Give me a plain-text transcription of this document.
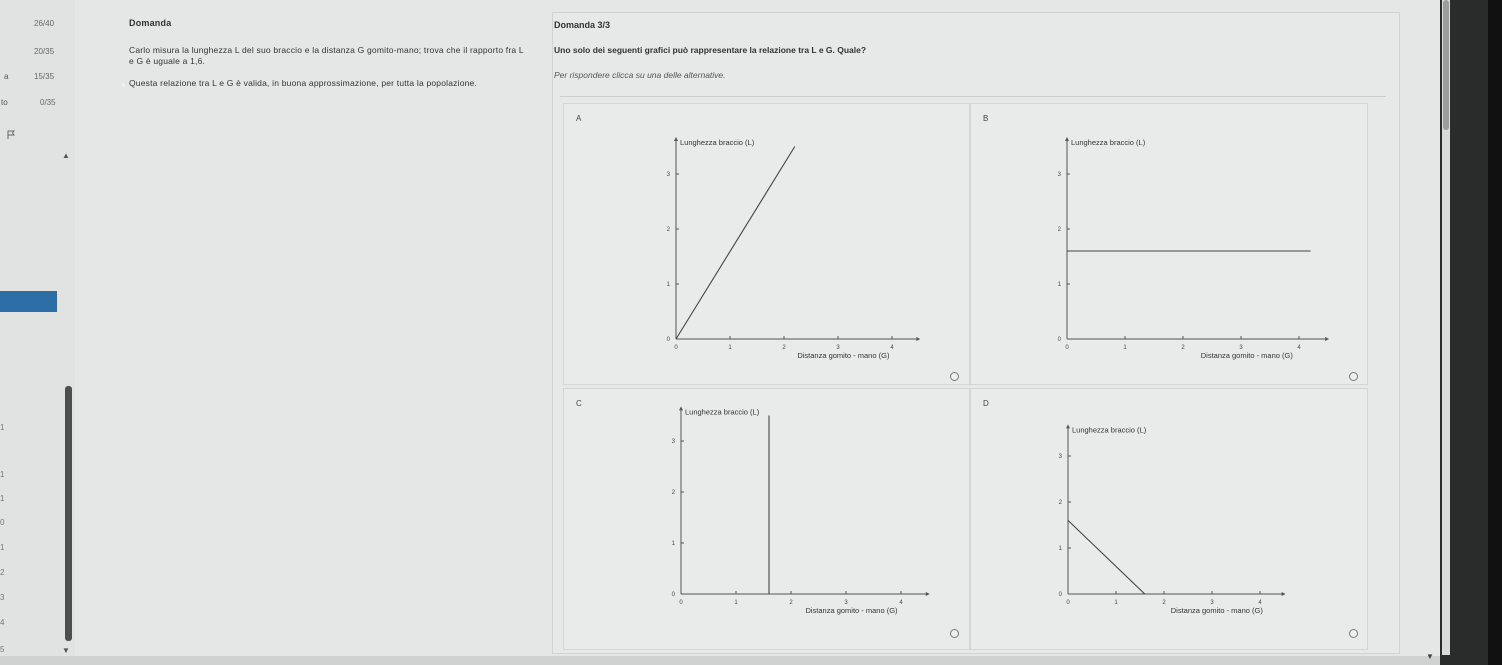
26/40
20/35
a	15/35
to	0/35
▲
▼
1
1
1
0
1
2
3
4
5
Domanda
Carlo misura la lunghezza L del suo braccio e la distanza G gomito-mano; trova che il rapporto fra L e G è uguale a 1,6.
Questa relazione tra L e G è valida, in buona approssimazione, per tutta la popolazione.
‹
Domanda 3/3
Uno solo dei seguenti grafici può rappresentare la relazione tra L e G. Quale?
Per rispondere clicca su una delle alternative.
A
0	1	2	3	4
0
1
2
3
Lunghezza braccio (L)
Distanza gomito - mano (G)
B
0	1	2	3	4
0
1
2
3
Lunghezza braccio (L)
Distanza gomito - mano (G)
C
0	1	2	3	4
0
1
2
3
Lunghezza braccio (L)
Distanza gomito - mano (G)
D
0	1	2	3	4
0
1
2
3
Lunghezza braccio (L)
Distanza gomito - mano (G)
▼
